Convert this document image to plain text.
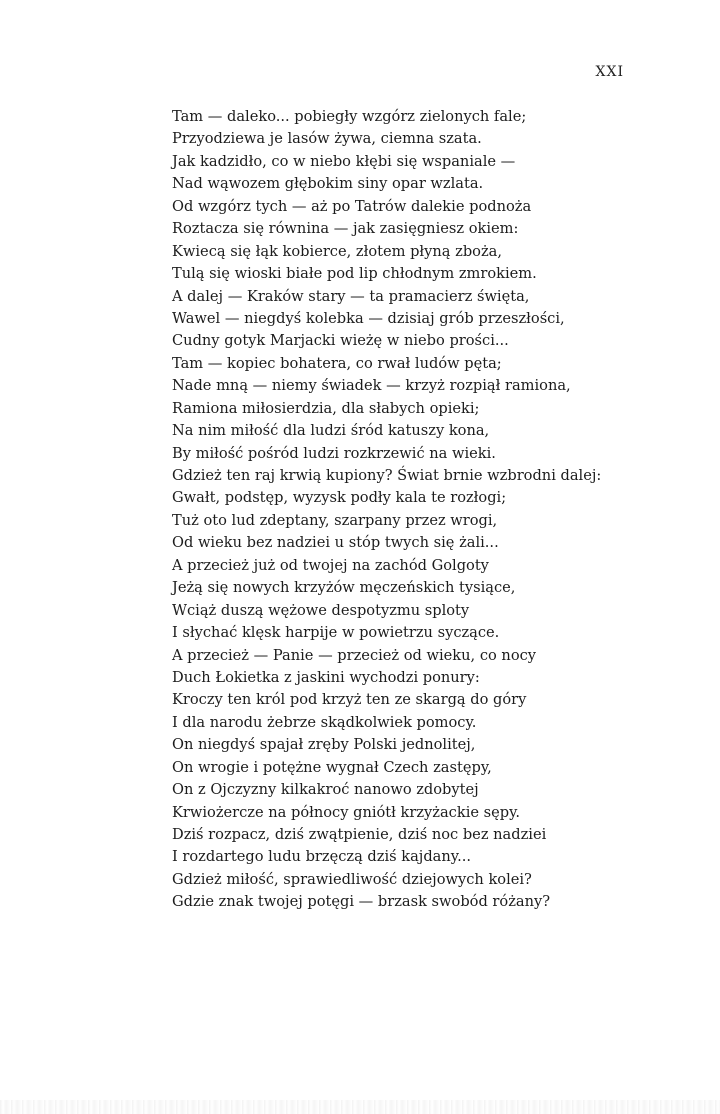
XXI
Tam — daleko... pobiegły wzgórz zielonych fale;
Przyodziewa je lasów żywa, ciemna szata.
Jak kadzidło, co w niebo kłębi się wspaniale —
Nad wąwozem głębokim siny opar wzlata.
Od wzgórz tych — aż po Tatrów dalekie podnoża
Roztacza się równina — jak zasięgniesz okiem:
Kwiecą się łąk kobierce, złotem płyną zboża,
Tulą się wioski białe pod lip chłodnym zmrokiem.
A dalej — Kraków stary — ta pramacierz święta,
Wawel — niegdyś kolebka — dzisiaj grób przeszłości,
Cudny gotyk Marjacki wieżę w niebo prości...
Tam — kopiec bohatera, co rwał ludów pęta;
Nade mną — niemy świadek — krzyż rozpiął ramiona,
Ramiona miłosierdzia, dla słabych opieki;
Na nim miłość dla ludzi śród katuszy kona,
By miłość pośród ludzi rozkrzewić na wieki.
Gdzież ten raj krwią kupiony? Świat brnie wzbrodni dalej:
Gwałt, podstęp, wyzysk podły kala te rozłogi;
Tuż oto lud zdeptany, szarpany przez wrogi,
Od wieku bez nadziei u stóp twych się żali...
A przecież już od twojej na zachód Golgoty
Jeżą się nowych krzyżów męczeńskich tysiące,
Wciąż duszą wężowe despotyzmu sploty
I słychać klęsk harpije w powietrzu syczące.
A przecież — Panie — przecież od wieku, co nocy
Duch Łokietka z jaskini wychodzi ponury:
Kroczy ten król pod krzyż ten ze skargą do góry
I dla narodu żebrze skądkolwiek pomocy.
On niegdyś spajał zręby Polski jednolitej,
On wrogie i potężne wygnał Czech zastępy,
On z Ojczyzny kilkakroć nanowo zdobytej
Krwiożercze na północy gniótł krzyżackie sępy.
Dziś rozpacz, dziś zwątpienie, dziś noc bez nadziei
I rozdartego ludu brzęczą dziś kajdany...
Gdzież miłość, sprawiedliwość dziejowych kolei?
Gdzie znak twojej potęgi — brzask swobód różany?
